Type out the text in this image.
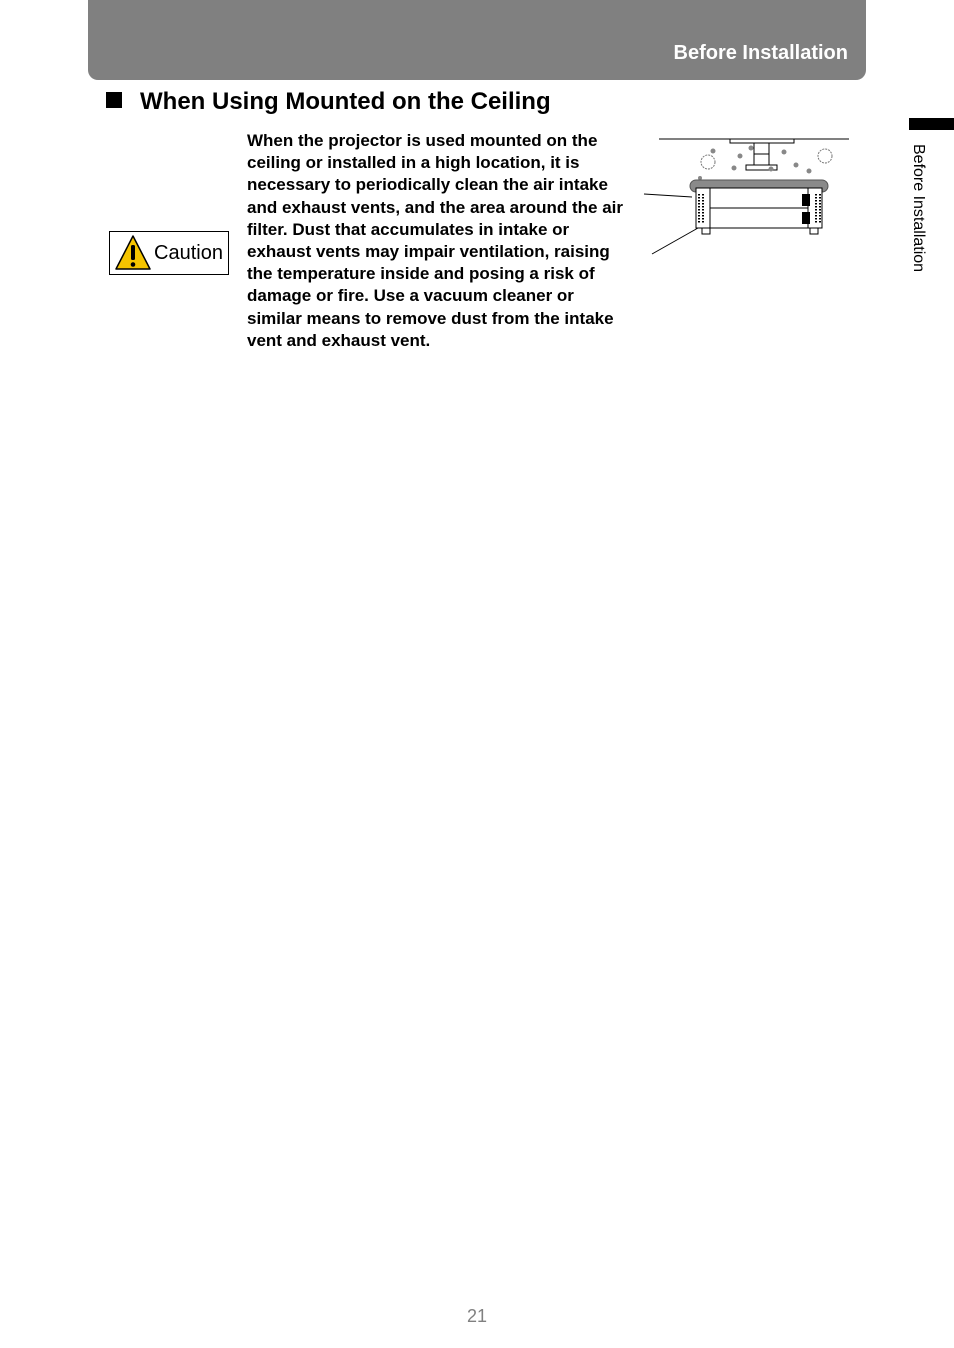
Before Installation
Before Installation
When Using Mounted on the Ceiling
Caution
When the projector is used mounted on the ceiling or installed in a high location, it is necessary to periodically clean the air intake and exhaust vents, and the area around the air filter. Dust that accumulates in intake or exhaust vents may impair ventilation, raising the temperature inside and posing a risk of damage or fire. Use a vacuum cleaner or similar means to remove dust from the intake vent and exhaust vent.
21
